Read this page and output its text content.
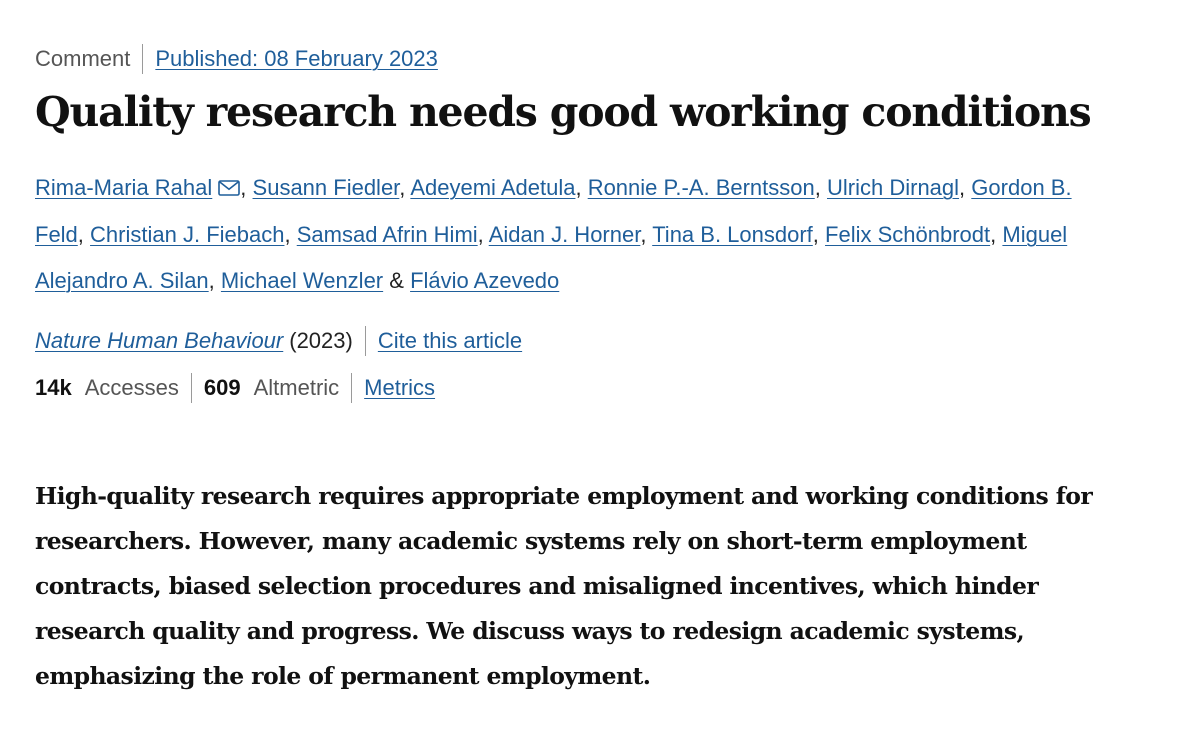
Comment Published: 08 February 2023
Quality research needs good working conditions

Rima-Maria Rahal , Susann Fiedler, Adeyemi Adetula, Ronnie P.-A. Berntsson, Ulrich Dirnagl, Gordon B. Feld, Christian J. Fiebach, Samsad Afrin Himi, Aidan J. Horner, Tina B. Lonsdorf, Felix Schönbrodt, Miguel Alejandro A. Silan, Michael Wenzler & Flávio Azevedo

Nature Human Behaviour (2023) Cite this article
14k Accesses 609 Altmetric Metrics

High-quality research requires appropriate employment and working conditions for researchers. However, many academic systems rely on short-term employment contracts, biased selection procedures and misaligned incentives, which hinder research quality and progress. We discuss ways to redesign academic systems, emphasizing the role of permanent employment.
